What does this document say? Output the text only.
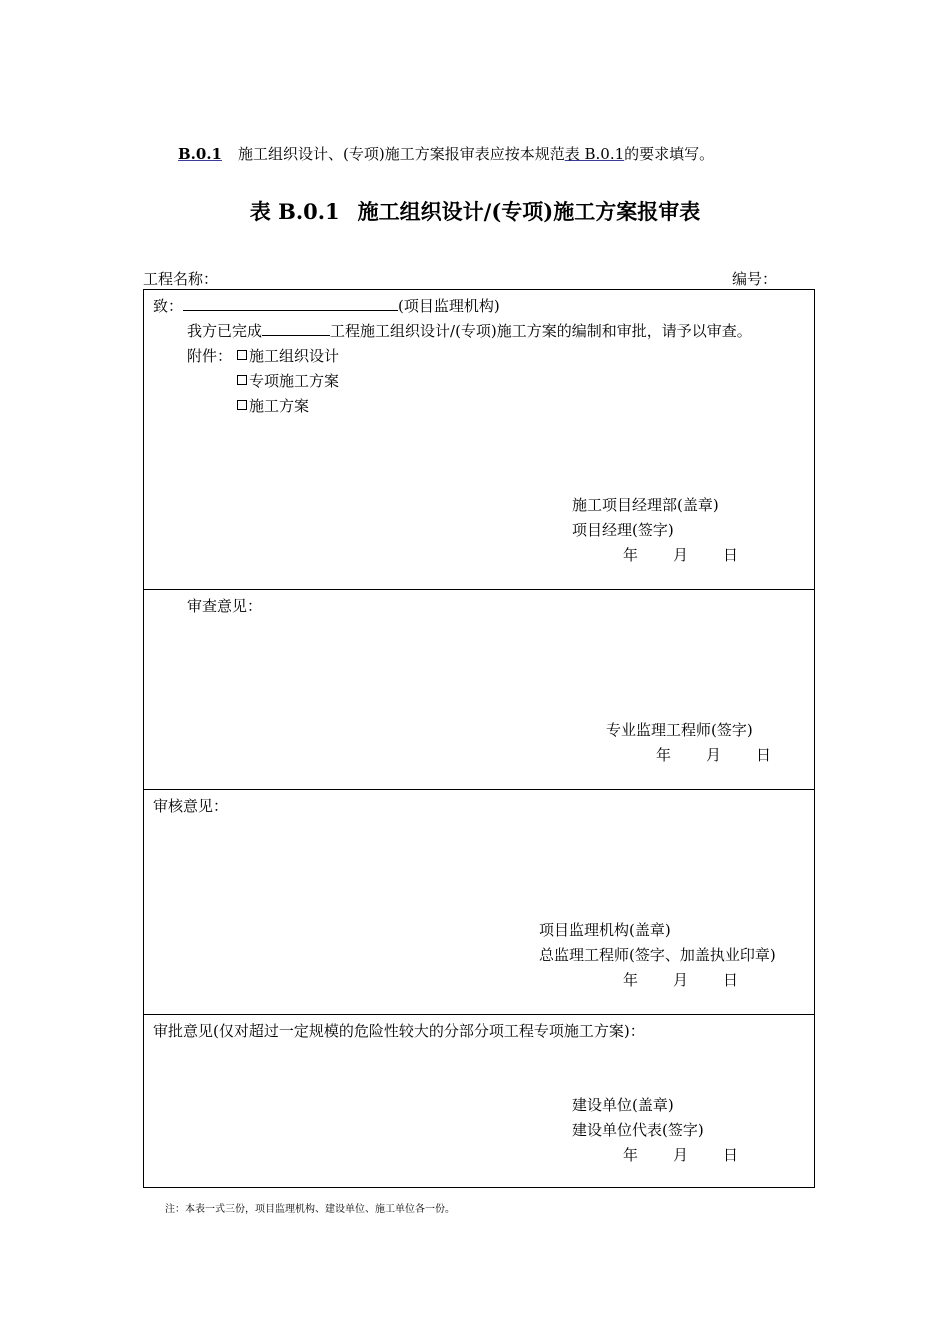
B.0.1 施工组织设计、(专项)施工方案报审表应按本规范表 B.0.1的要求填写。
表 B.0.1 施工组织设计/(专项)施工方案报审表
工程名称：	编号：
致：	(项目监理机构)
我方已完成	工程施工组织设计/(专项)施工方案的编制和审批，请予以审查。
附件：	施工组织设计
专项施工方案
施工方案
施工项目经理部(盖章)
项目经理(签字)
年 月 日
审查意见：
专业监理工程师(签字)
年 月 日
审核意见：
项目监理机构(盖章)
总监理工程师(签字、加盖执业印章)
年 月 日
审批意见(仅对超过一定规模的危险性较大的分部分项工程专项施工方案)：
建设单位(盖章)
建设单位代表(签字)
年 月 日
注：本表一式三份，项目监理机构、建设单位、施工单位各一份。
